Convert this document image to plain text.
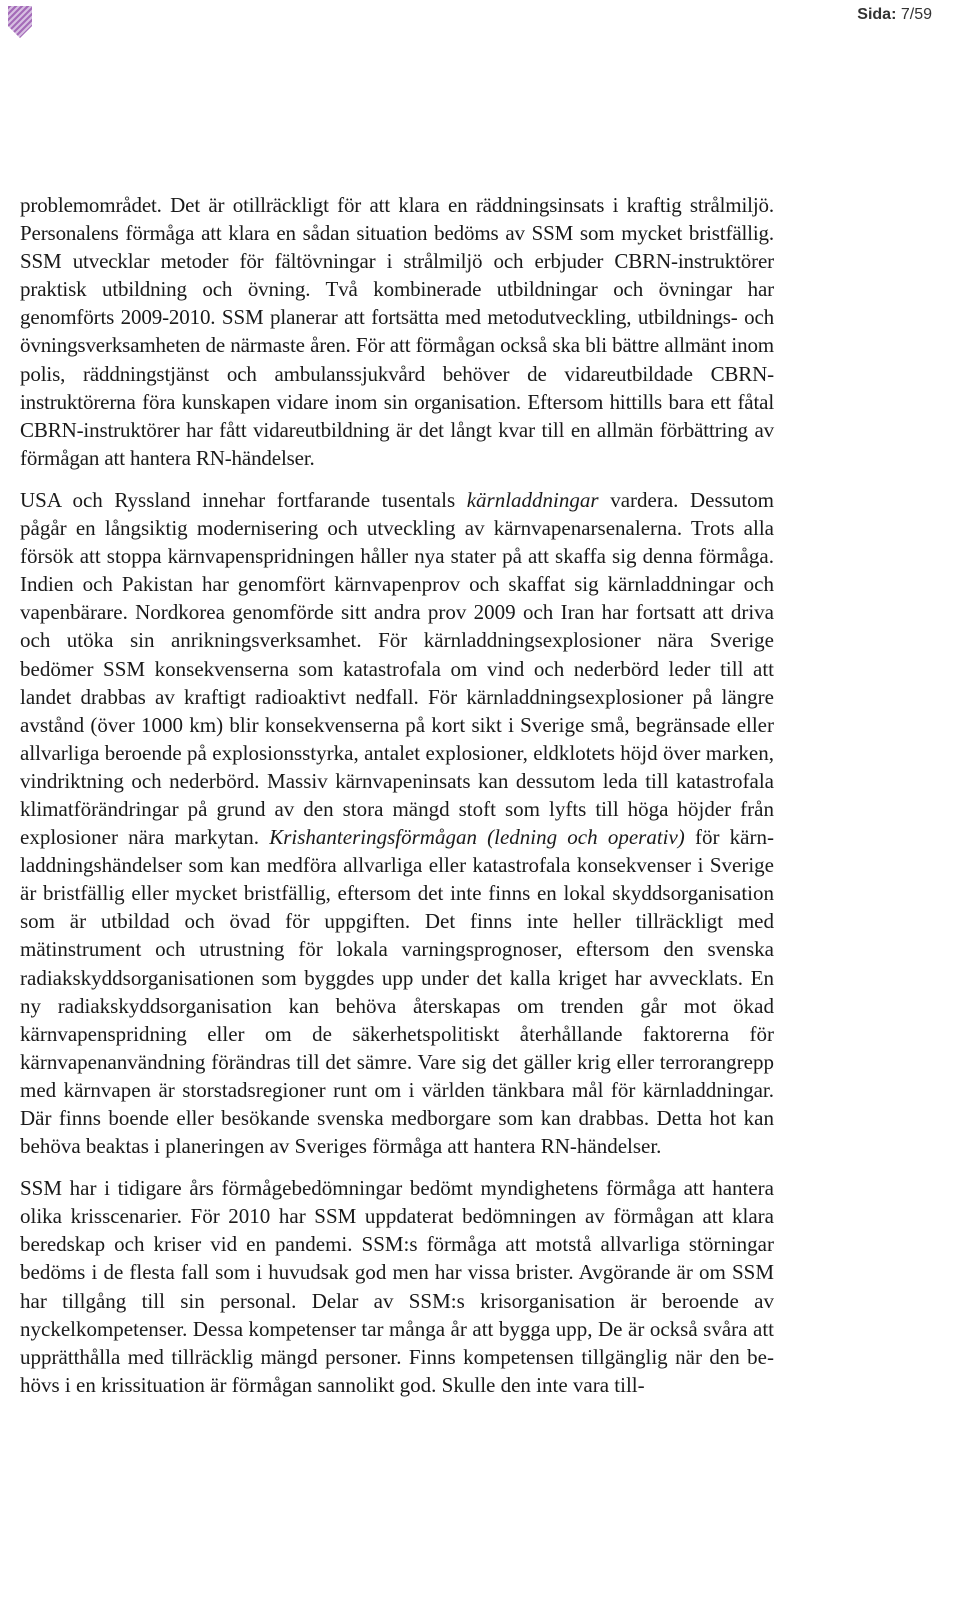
Sida: 7/59

problemområdet. Det är otillräckligt för att klara en räddningsinsats i kraftig strålmiljö. Personalens förmåga att klara en sådan situation bedöms av SSM som mycket bristfällig. SSM utvecklar metoder för fältövningar i strålmiljö och erbjuder CBRN-instruktörer praktisk utbildning och övning. Två kombinerade utbildningar och övningar har genomförts 2009-2010. SSM planerar att fortsätta med metodutveckling, utbildnings- och övningsverksamheten de närmaste åren. För att förmågan också ska bli bättre allmänt inom polis, räddningstjänst och ambulanssjukvård behöver de vidareutbildade CBRN-instruktörerna föra kunskapen vidare inom sin organisation. Eftersom hittills bara ett fåtal CBRN-instruktörer har fått vidareutbildning är det långt kvar till en allmän förbättring av förmågan att hantera RN-händelser.

USA och Ryssland innehar fortfarande tusentals kärnladdningar vardera. Dessutom pågår en långsiktig modernisering och utveckling av kärnvapenarsenalerna. Trots alla försök att stoppa kärnvapenspridningen håller nya stater på att skaffa sig denna förmåga. Indien och Pakistan har genomfört kärnvapenprov och skaffat sig kärnladdningar och vapenbärare. Nordkorea genomförde sitt andra prov 2009 och Iran har fortsatt att driva och utöka sin anrikningsverksamhet. För kärnladdningsexplosioner nära Sverige bedömer SSM konsekvenserna som katastrofala om vind och nederbörd leder till att landet drabbas av kraftigt radioaktivt nedfall. För kärnladdningsexplosioner på längre avstånd (över 1000 km) blir konsekvenserna på kort sikt i Sverige små, begränsade eller allvarliga beroende på explosionsstyrka, antalet explosioner, eldklotets höjd över marken, vindriktning och nederbörd. Massiv kärnvapeninsats kan dessutom leda till katastrofala klimatförändringar på grund av den stora mängd stoft som lyfts till höga höjder från explosioner nära markytan. Krishanteringsförmågan (ledning och operativ) för kärnladdningshändelser som kan medföra allvarliga eller katastrofala konsekvenser i Sverige är bristfällig eller mycket bristfällig, eftersom det inte finns en lokal skyddsorganisation som är utbildad och övad för uppgiften. Det finns inte heller tillräckligt med mätinstrument och utrustning för lokala varningsprognoser, eftersom den svenska radiakskyddsorganisationen som byggdes upp under det kalla kriget har avvecklats. En ny radiakskyddsorganisation kan behöva återskapas om trenden går mot ökad kärnvapenspridning eller om de säkerhetspolitiskt återhållande faktorerna för kärnvapenanvändning förändras till det sämre. Vare sig det gäller krig eller terrorangrepp med kärnvapen är storstadsregioner runt om i världen tänkbara mål för kärnladdningar. Där finns boende eller besökande svenska medborgare som kan drabbas. Detta hot kan behöva beaktas i planeringen av Sveriges förmåga att hantera RN-händelser.

SSM har i tidigare års förmågebedömningar bedömt myndighetens förmåga att hantera olika krisscenarier. För 2010 har SSM uppdaterat bedömningen av förmågan att klara beredskap och kriser vid en pandemi. SSM:s förmåga att motstå allvarliga störningar bedöms i de flesta fall som i huvudsak god men har vissa brister. Avgörande är om SSM har tillgång till sin personal. Delar av SSM:s krisorganisation är beroende av nyckelkompetenser. Dessa kompetenser tar många år att bygga upp, De är också svåra att upprätthålla med tillräcklig mängd personer. Finns kompetensen tillgänglig när den behövs i en krissituation är förmågan sannolikt god. Skulle den inte vara till-
